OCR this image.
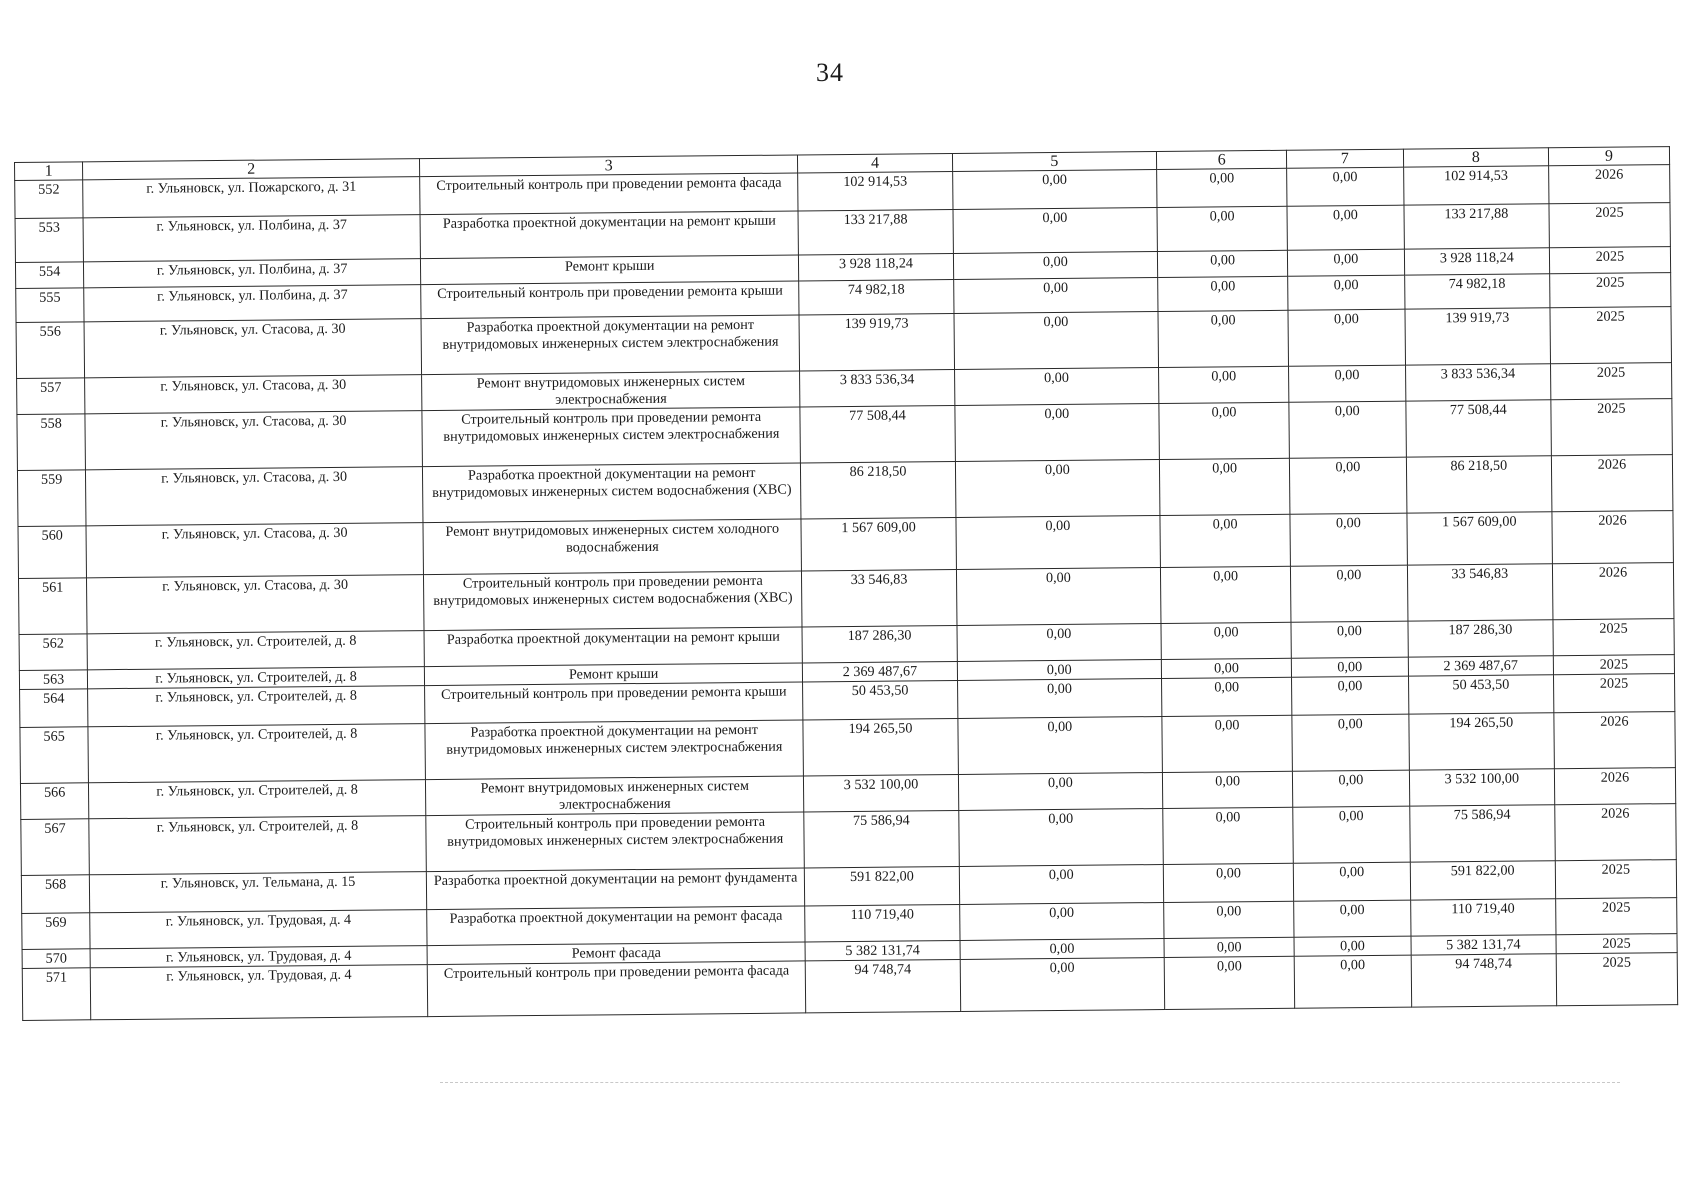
34
1	2	3	4	5	6	7	8	9
552	г. Ульяновск, ул. Пожарского, д. 31	Строительный контроль при проведении ремонта фасада	102 914,53	0,00	0,00	0,00	102 914,53	2026
553	г. Ульяновск, ул. Полбина, д. 37	Разработка проектной документации на ремонт крыши	133 217,88	0,00	0,00	0,00	133 217,88	2025
554	г. Ульяновск, ул. Полбина, д. 37	Ремонт крыши	3 928 118,24	0,00	0,00	0,00	3 928 118,24	2025
555	г. Ульяновск, ул. Полбина, д. 37	Строительный контроль при проведении ремонта крыши	74 982,18	0,00	0,00	0,00	74 982,18	2025
556	г. Ульяновск, ул. Стасова, д. 30	Разработка проектной документации на ремонт внутридомовых инженерных систем электроснабжения	139 919,73	0,00	0,00	0,00	139 919,73	2025
557	г. Ульяновск, ул. Стасова, д. 30	Ремонт внутридомовых инженерных систем электроснабжения	3 833 536,34	0,00	0,00	0,00	3 833 536,34	2025
558	г. Ульяновск, ул. Стасова, д. 30	Строительный контроль при проведении ремонта внутридомовых инженерных систем электроснабжения	77 508,44	0,00	0,00	0,00	77 508,44	2025
559	г. Ульяновск, ул. Стасова, д. 30	Разработка проектной документации на ремонт внутридомовых инженерных систем водоснабжения (ХВС)	86 218,50	0,00	0,00	0,00	86 218,50	2026
560	г. Ульяновск, ул. Стасова, д. 30	Ремонт внутридомовых инженерных систем холодного водоснабжения	1 567 609,00	0,00	0,00	0,00	1 567 609,00	2026
561	г. Ульяновск, ул. Стасова, д. 30	Строительный контроль при проведении ремонта внутридомовых инженерных систем водоснабжения (ХВС)	33 546,83	0,00	0,00	0,00	33 546,83	2026
562	г. Ульяновск, ул. Строителей, д. 8	Разработка проектной документации на ремонт крыши	187 286,30	0,00	0,00	0,00	187 286,30	2025
563	г. Ульяновск, ул. Строителей, д. 8	Ремонт крыши	2 369 487,67	0,00	0,00	0,00	2 369 487,67	2025
564	г. Ульяновск, ул. Строителей, д. 8	Строительный контроль при проведении ремонта крыши	50 453,50	0,00	0,00	0,00	50 453,50	2025
565	г. Ульяновск, ул. Строителей, д. 8	Разработка проектной документации на ремонт внутридомовых инженерных систем электроснабжения	194 265,50	0,00	0,00	0,00	194 265,50	2026
566	г. Ульяновск, ул. Строителей, д. 8	Ремонт внутридомовых инженерных систем электроснабжения	3 532 100,00	0,00	0,00	0,00	3 532 100,00	2026
567	г. Ульяновск, ул. Строителей, д. 8	Строительный контроль при проведении ремонта внутридомовых инженерных систем электроснабжения	75 586,94	0,00	0,00	0,00	75 586,94	2026
568	г. Ульяновск, ул. Тельмана, д. 15	Разработка проектной документации на ремонт фундамента	591 822,00	0,00	0,00	0,00	591 822,00	2025
569	г. Ульяновск, ул. Трудовая, д. 4	Разработка проектной документации на ремонт фасада	110 719,40	0,00	0,00	0,00	110 719,40	2025
570	г. Ульяновск, ул. Трудовая, д. 4	Ремонт фасада	5 382 131,74	0,00	0,00	0,00	5 382 131,74	2025
571	г. Ульяновск, ул. Трудовая, д. 4	Строительный контроль при проведении ремонта фасада	94 748,74	0,00	0,00	0,00	94 748,74	2025
